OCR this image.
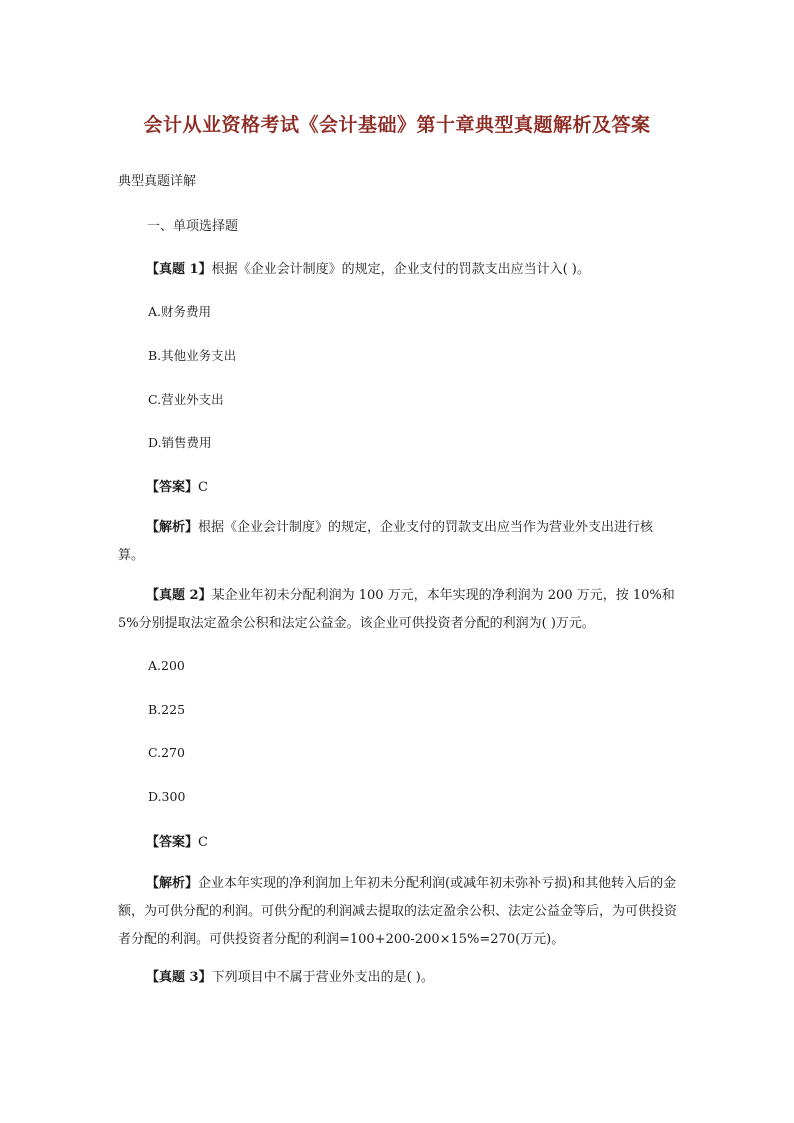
会计从业资格考试《会计基础》第十章典型真题解析及答案
典型真题详解
一、单项选择题
【真题 1】根据《企业会计制度》的规定，企业支付的罚款支出应当计入( )。
A.财务费用
B.其他业务支出
C.营业外支出
D.销售费用
【答案】C
【解析】根据《企业会计制度》的规定，企业支付的罚款支出应当作为营业外支出进行核算。
【真题 2】某企业年初未分配利润为 100 万元，本年实现的净利润为 200 万元，按 10%和 5%分别提取法定盈余公积和法定公益金。该企业可供投资者分配的利润为( )万元。
A.200
B.225
C.270
D.300
【答案】C
【解析】企业本年实现的净利润加上年初未分配利润(或减年初未弥补亏损)和其他转入后的金额，为可供分配的利润。可供分配的利润减去提取的法定盈余公积、法定公益金等后，为可供投资者分配的利润。可供投资者分配的利润=100+200-200×15%=270(万元)。
【真题 3】下列项目中不属于营业外支出的是( )。
